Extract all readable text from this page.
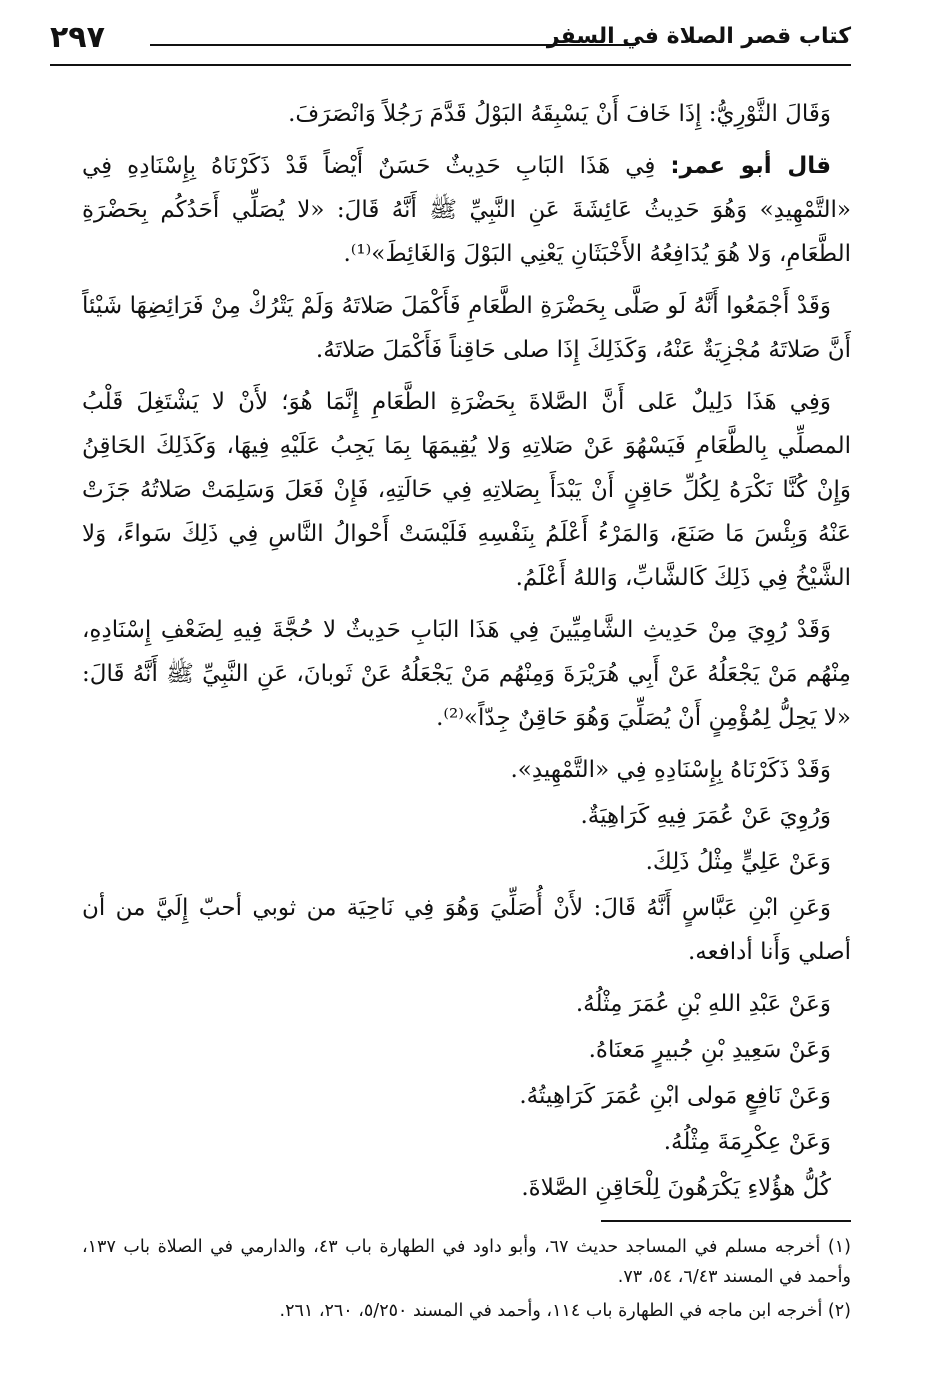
كتاب قصر الصلاة في السفر
٢٩٧

وَقَالَ الثَّوْرِيُّ: إِذَا خَافَ أَنْ يَسْبِقَهُ البَوْلُ قَدَّمَ رَجُلاً وَانْصَرَفَ.

قال أبو عمر: فِي هَذَا البَابِ حَدِيثٌ حَسَنٌ أَيْضاً قَدْ ذَكَرْنَاهُ بِإِسْنَادِهِ فِي «التَّمْهِيدِ» وَهُوَ حَدِيثُ عَائِشَةَ عَنِ النَّبِيِّ ﷺ أَنَّهُ قَالَ: «لا يُصَلِّي أَحَدُكُم بِحَضْرَةِ الطَّعَامِ، وَلا هُوَ يُدَافِعُهُ الأَخْبَثَانِ يَعْنِي البَوْلَ وَالغَائِطَ»⁽¹⁾.

وَقَدْ أَجْمَعُوا أَنَّهُ لَو صَلَّى بِحَضْرَةِ الطَّعَامِ فَأَكْمَلَ صَلاتَهُ وَلَمْ يَتْرُكْ مِنْ فَرَائِضِهَا شَيْئاً أَنَّ صَلاتَهُ مُجْزِيَةٌ عَنْهُ، وَكَذَلِكَ إِذَا صلى حَاقِناً فَأَكْمَلَ صَلاتَهُ.

وَفِي هَذَا دَلِيلٌ عَلى أَنَّ الصَّلاةَ بِحَضْرَةِ الطَّعَامِ إِنَّمَا هُوَ؛ لأَنْ لا يَشْتَغِلَ قَلْبُ المصلِّي بِالطَّعَامِ فَيَسْهُوَ عَنْ صَلاتِهِ وَلا يُقِيمَهَا بِمَا يَجِبُ عَلَيْهِ فِيهَا، وَكَذَلِكَ الحَاقِنُ وَإِنْ كُنَّا نَكْرَهُ لِكُلِّ حَاقِنٍ أَنْ يَبْدَأَ بِصَلاتِهِ فِي حَالَتِهِ، فَإِنْ فَعَلَ وَسَلِمَتْ صَلاتُهُ جَزَتْ عَنْهُ وَبِئْسَ مَا صَنَعَ، وَالمَرْءُ أَعْلَمُ بِنَفْسِهِ فَلَيْسَتْ أَحْوالُ النَّاسِ فِي ذَلِكَ سَواءً، وَلا الشَّيْخُ فِي ذَلِكَ كَالشَّابِّ، وَاللهُ أَعْلَمُ.

وَقَدْ رُوِيَ مِنْ حَدِيثِ الشَّامِيِّينَ فِي هَذَا البَابِ حَدِيثٌ لا حُجَّةَ فِيهِ لِضَعْفِ إِسْنَادِهِ، مِنْهُم مَنْ يَجْعَلُهُ عَنْ أَبِي هُرَيْرَةَ وَمِنْهُم مَنْ يَجْعَلُهُ عَنْ ثَوبانَ، عَنِ النَّبِيِّ ﷺ أَنَّهُ قَالَ: «لا يَحِلُّ لِمُؤْمِنٍ أَنْ يُصَلِّيَ وَهُوَ حَاقِنٌ جِدّاً»⁽²⁾.

وَقَدْ ذَكَرْنَاهُ بِإِسْنَادِهِ فِي «التَّمْهِيدِ».

وَرُوِيَ عَنْ عُمَرَ فِيهِ كَرَاهِيَةٌ.

وَعَنْ عَلِيٍّ مِثْلُ ذَلِكَ.

وَعَنِ ابْنِ عَبَّاسٍ أَنَّهُ قَالَ: لأَنْ أُصَلِّيَ وَهُوَ فِي نَاحِيَة من ثوبي أحبّ إِلَيَّ من أن أصلي وَأَنا أدافعه.

وَعَنْ عَبْدِ اللهِ بْنِ عُمَرَ مِثْلُهُ.

وَعَنْ سَعِيدِ بْنِ جُبيرٍ مَعنَاهُ.

وَعَنْ نَافِعٍ مَولى ابْنِ عُمَرَ كَرَاهِيتُهُ.

وَعَنْ عِكْرِمَةَ مِثْلُهُ.

كُلُّ هؤُلاءِ يَكْرَهُونَ لِلْحَاقِنِ الصَّلاةَ.

(١) أخرجه مسلم في المساجد حديث ٦٧، وأبو داود في الطهارة باب ٤٣، والدارمي في الصلاة باب ١٣٧، وأحمد في المسند ٦/٤٣، ٥٤، ٧٣.

(٢) أخرجه ابن ماجه في الطهارة باب ١١٤، وأحمد في المسند ٥/٢٥٠، ٢٦٠، ٢٦١.
